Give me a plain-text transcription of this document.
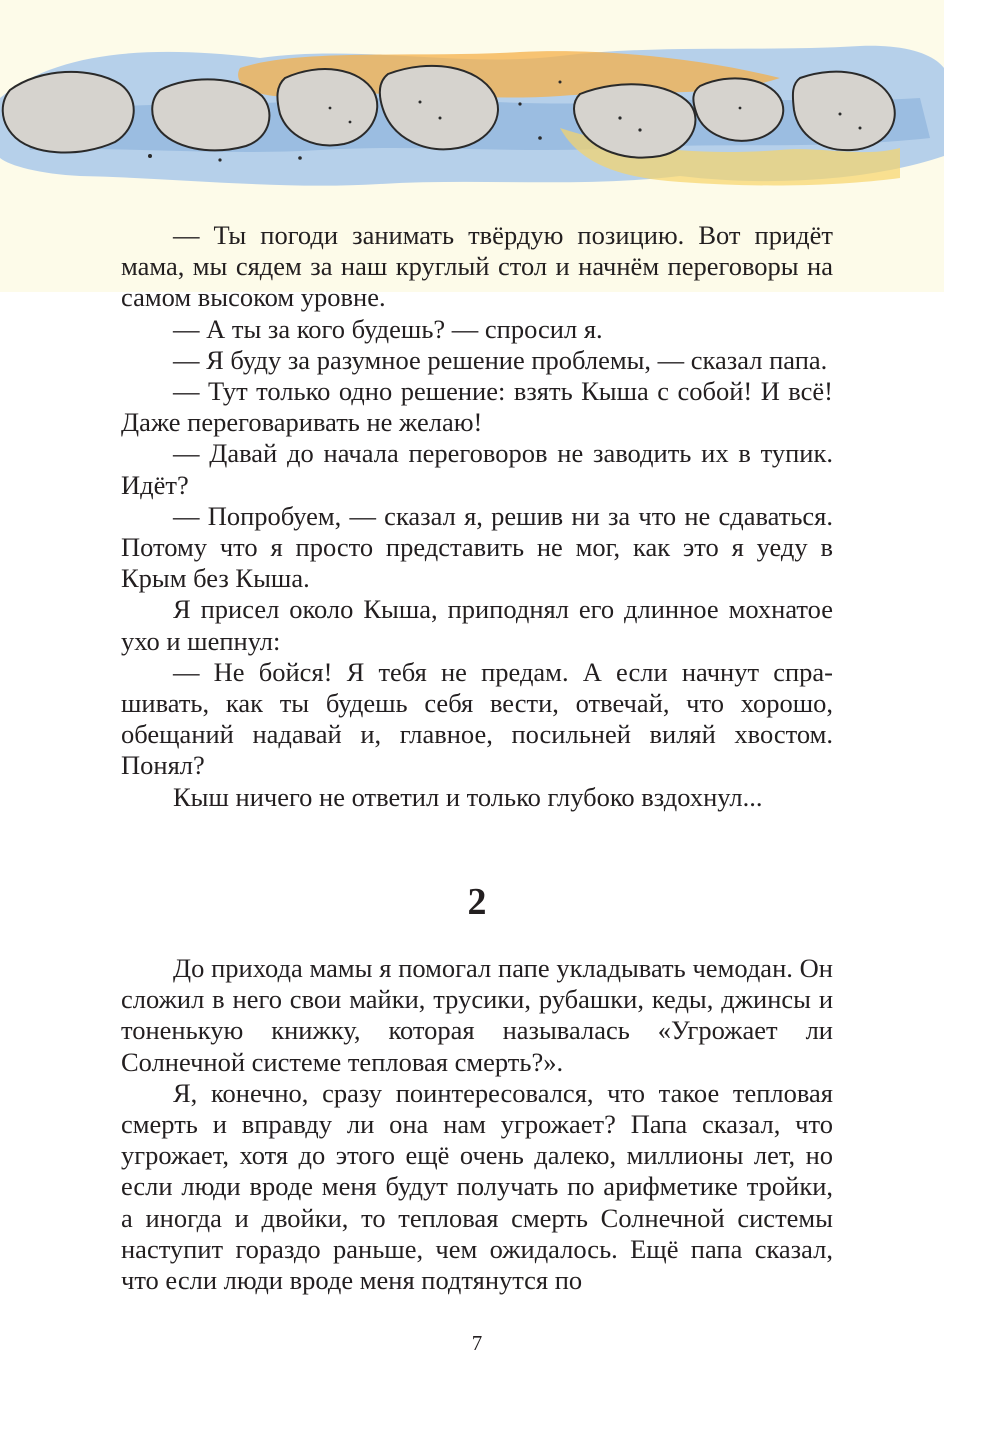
— Ты погоди занимать твёрдую позицию. Вот придёт мама, мы сядем за наш круглый стол и начнём переговоры на самом высоком уровне.

— А ты за кого будешь? — спросил я.

— Я буду за разумное решение проблемы, — сказал папа.

— Тут только одно решение: взять Кыша с собой! И всё! Даже переговаривать не желаю!

— Давай до начала переговоров не заводить их в тупик. Идёт?

— Попробуем, — сказал я, решив ни за что не сдаваться. Потому что я просто представить не мог, как это я уеду в Крым без Кыша.

Я присел около Кыша, приподнял его длинное мохнатое ухо и шепнул:

— Не бойся! Я тебя не предам. А если начнут спрашивать, как ты будешь себя вести, отвечай, что хорошо, обещаний надавай и, главное, посильней виляй хвостом. Понял?

Кыш ничего не ответил и только глубоко вздохнул...

2

До прихода мамы я помогал папе укладывать чемодан. Он сложил в него свои майки, трусики, рубашки, кеды, джинсы и тоненькую книжку, которая называлась «Угрожает ли Солнечной системе тепловая смерть?».

Я, конечно, сразу поинтересовался, что такое тепловая смерть и вправду ли она нам угрожает? Папа сказал, что угрожает, хотя до этого ещё очень далеко, миллионы лет, но если люди вроде меня будут получать по арифметике тройки, а иногда и двойки, то тепловая смерть Солнечной системы наступит гораздо раньше, чем ожидалось. Ещё папа сказал, что если люди вроде меня подтянутся по

7
